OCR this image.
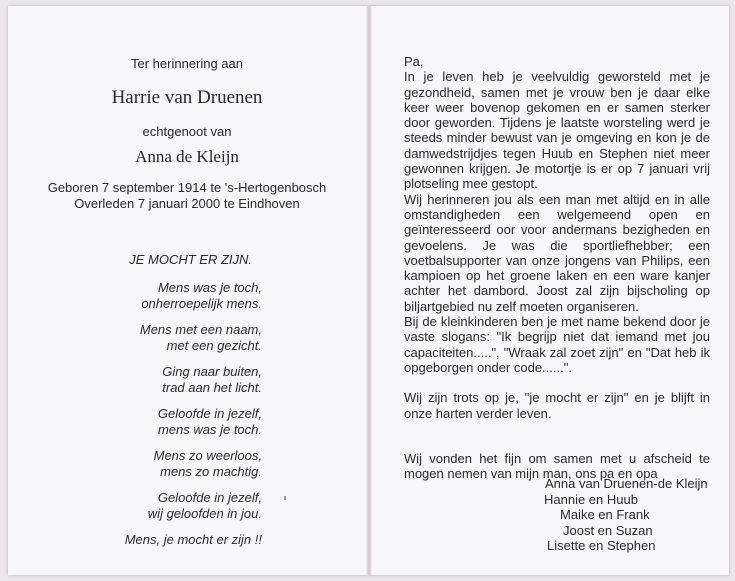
Ter herinnering aan
Harrie van Druenen
echtgenoot van
Anna de Kleijn
Geboren 7 september 1914 te 's-Hertogenbosch
Overleden 7 januari 2000 te Eindhoven
JE MOCHT ER ZIJN.
Mens was je toch,
onherroepelijk mens.
Mens met een naam,
met een gezicht.
Ging naar buiten,
trad aan het licht.
Geloofde in jezelf,
mens was je toch.
Mens zo weerloos,
mens zo machtig.
Geloofde in jezelf,
wij geloofden in jou.
Mens, je mocht er zijn !!
Pa,
In je leven heb je veelvuldig geworsteld met je gezondheid, samen met je vrouw ben je daar elke keer weer bovenop gekomen en er samen sterker door geworden. Tijdens je laatste worsteling werd je steeds minder bewust van je omgeving en kon je de damwedstrijdjes tegen Huub en Stephen niet meer gewonnen krijgen. Je motortje is er op 7 januari vrij plotseling mee gestopt.
Wij herinneren jou als een man met altijd en in alle omstandigheden een welgemeend open en geïnteresseerd oor voor andermans bezigheden en gevoelens. Je was die sportliefhebber; een voetbalsupporter van onze jongens van Philips, een kampioen op het groene laken en een ware kanjer achter het dambord. Joost zal zijn bijscholing op biljartgebied nu zelf moeten organiseren.
Bij de kleinkinderen ben je met name bekend door je vaste slogans: "Ik begrijp niet dat iemand met jou capaciteiten.....", "Wraak zal zoet zijn" en "Dat heb ik opgeborgen onder code......".
Wij zijn trots op je, "je mocht er zijn" en je blijft in onze harten verder leven.
Wij vonden het fijn om samen met u afscheid te mogen nemen van mijn man, ons pa en opa
Anna van Druenen-de Kleijn
Hannie en Huub
Maike en Frank
Joost en Suzan
Lisette en Stephen
